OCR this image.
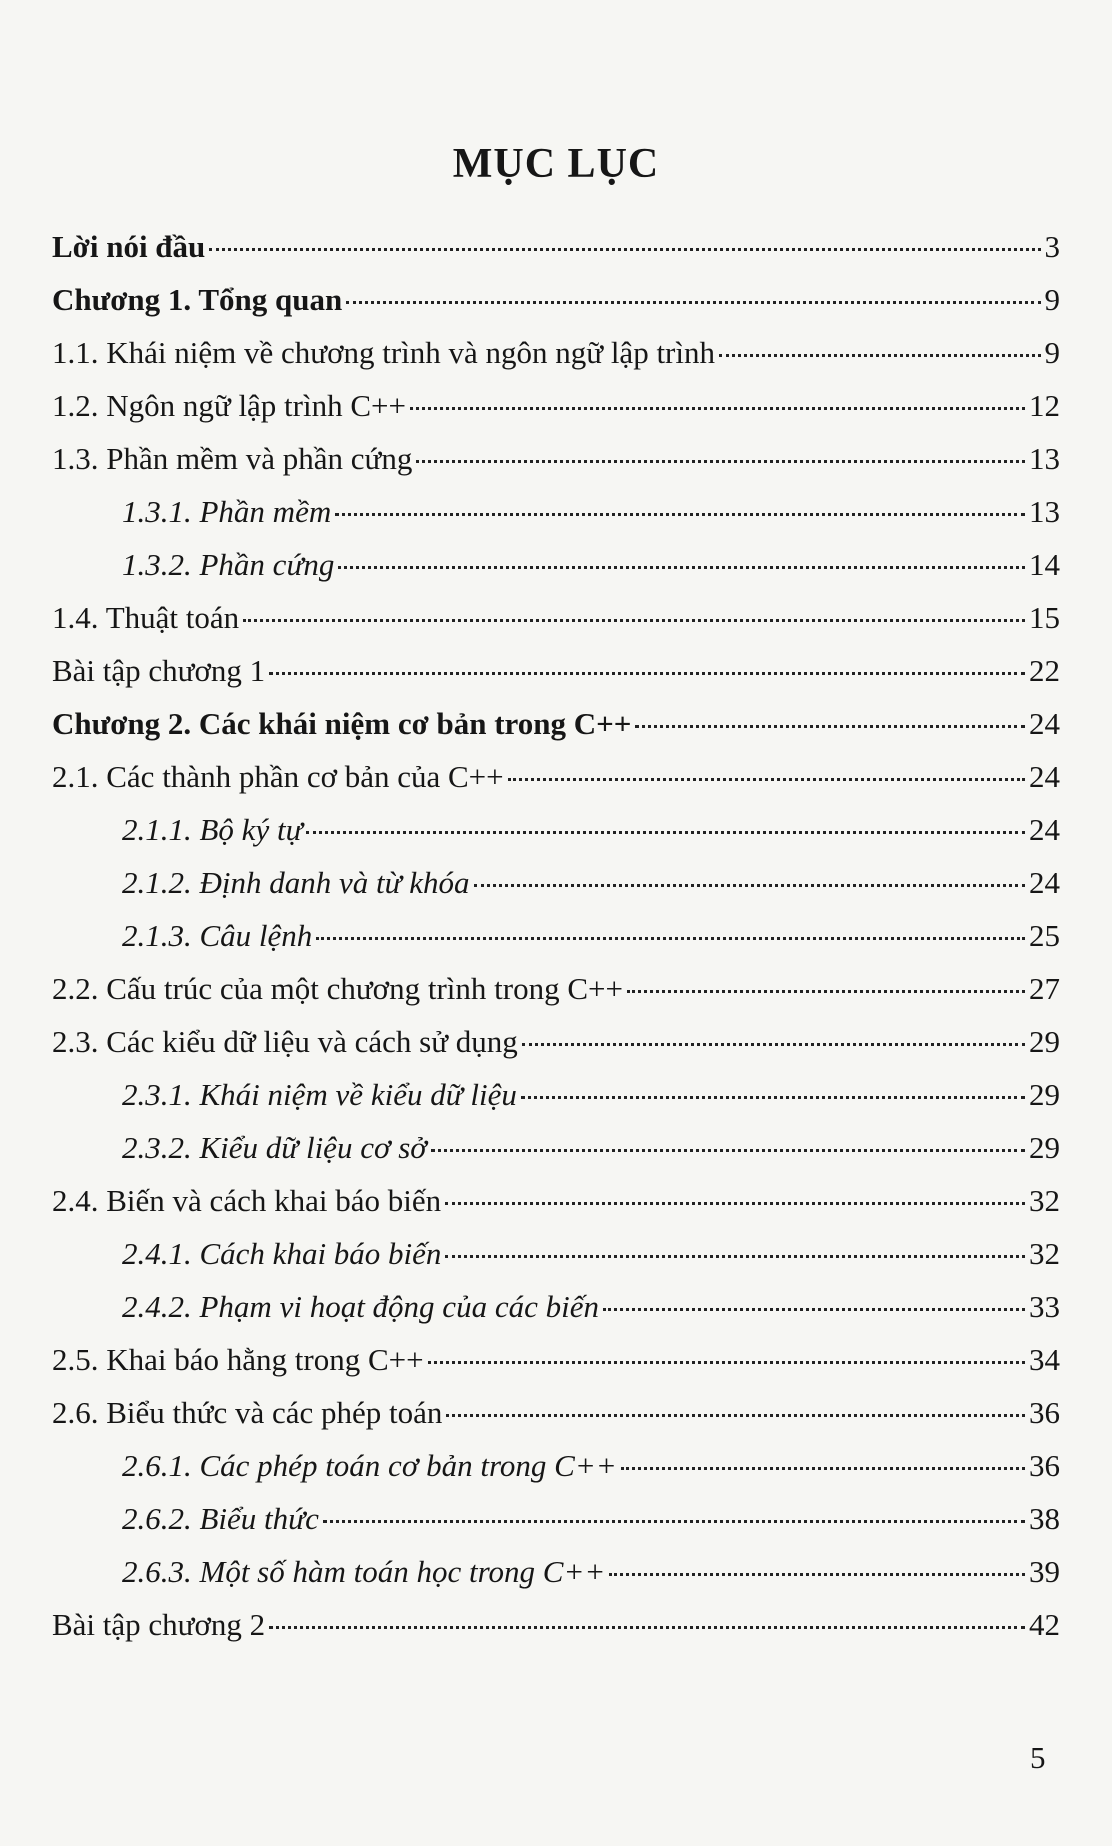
MỤC LỤC
Lời nói đầu	3
Chương 1. Tổng quan	9
1.1. Khái niệm về chương trình và ngôn ngữ lập trình	9
1.2. Ngôn ngữ lập trình C++	12
1.3. Phần mềm và phần cứng	13
1.3.1. Phần mềm	13
1.3.2. Phần cứng	14
1.4. Thuật toán	15
Bài tập chương 1	22
Chương 2. Các khái niệm cơ bản trong C++	24
2.1. Các thành phần cơ bản của C++	24
2.1.1. Bộ ký tự	24
2.1.2. Định danh và từ khóa	24
2.1.3. Câu lệnh	25
2.2. Cấu trúc của một chương trình trong C++	27
2.3. Các kiểu dữ liệu và cách sử dụng	29
2.3.1. Khái niệm về kiểu dữ liệu	29
2.3.2. Kiểu dữ liệu cơ sở	29
2.4. Biến và cách khai báo biến	32
2.4.1. Cách khai báo biến	32
2.4.2. Phạm vi hoạt động của các biến	33
2.5. Khai báo hằng trong C++	34
2.6. Biểu thức và các phép toán	36
2.6.1. Các phép toán cơ bản trong C++	36
2.6.2. Biểu thức	38
2.6.3. Một số hàm toán học trong C++	39
Bài tập chương 2	42
5
